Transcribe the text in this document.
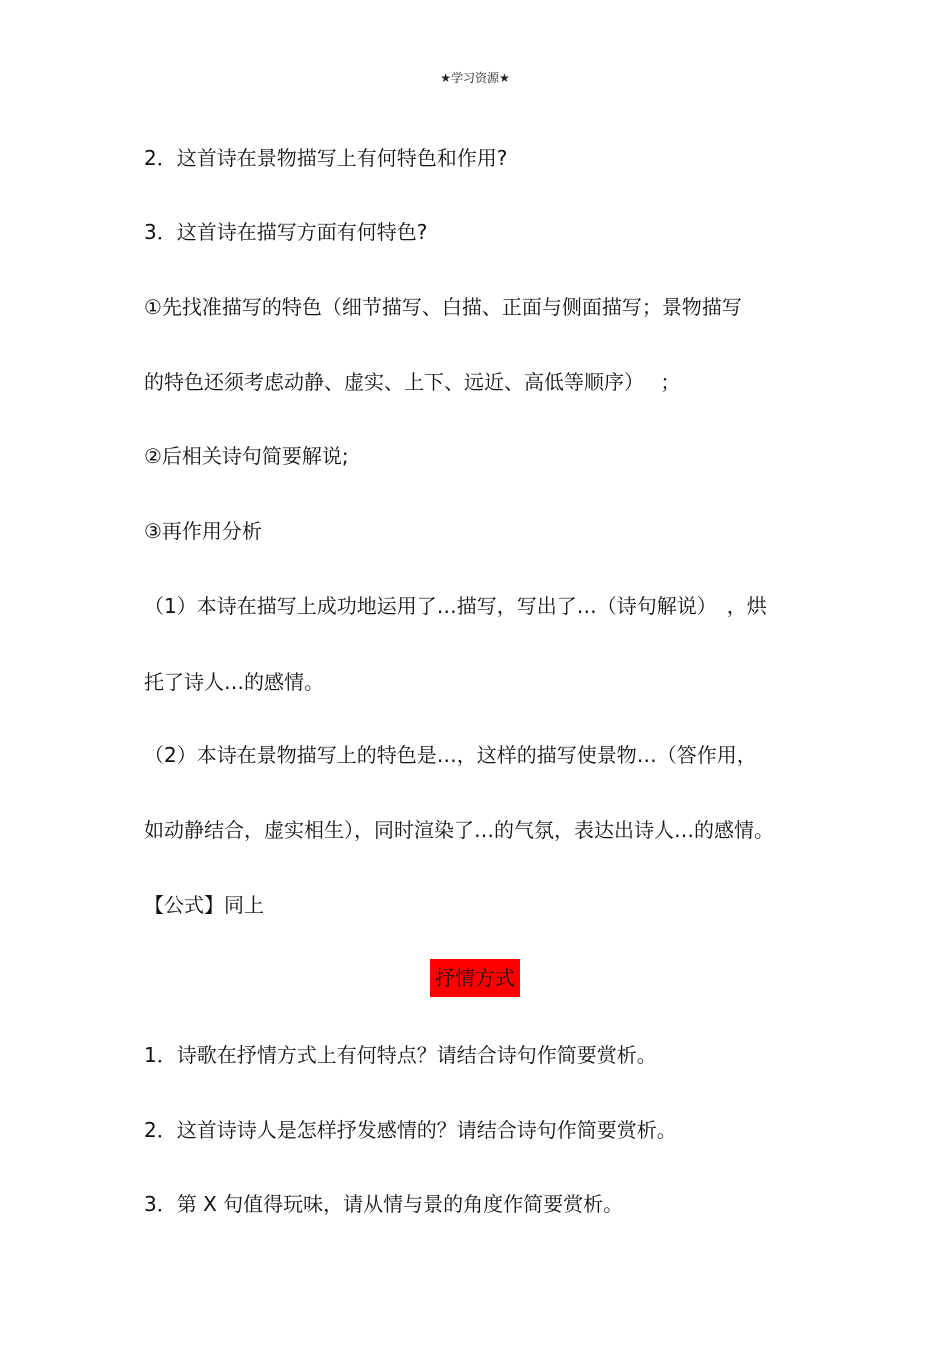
★学习资源★
2．这首诗在景物描写上有何特色和作用?
3．这首诗在描写方面有何特色?
①先找准描写的特色（细节描写、白描、正面与侧面描写；景物描写
的特色还须考虑动静、虚实、上下、远近、高低等顺序）　 ；
②后相关诗句简要解说;
③再作用分析
（1）本诗在描写上成功地运用了…描写，写出了…（诗句解说）　，烘
托了诗人…的感情。
（2）本诗在景物描写上的特色是…，这样的描写使景物…（答作用，
如动静结合，虚实相生），同时渲染了…的气氛，表达出诗人…的感情。
【公式】同上
抒情方式
1．诗歌在抒情方式上有何特点？请结合诗句作简要赏析。
2．这首诗诗人是怎样抒发感情的？请结合诗句作简要赏析。
3．第 X 句值得玩味，请从情与景的角度作简要赏析。
